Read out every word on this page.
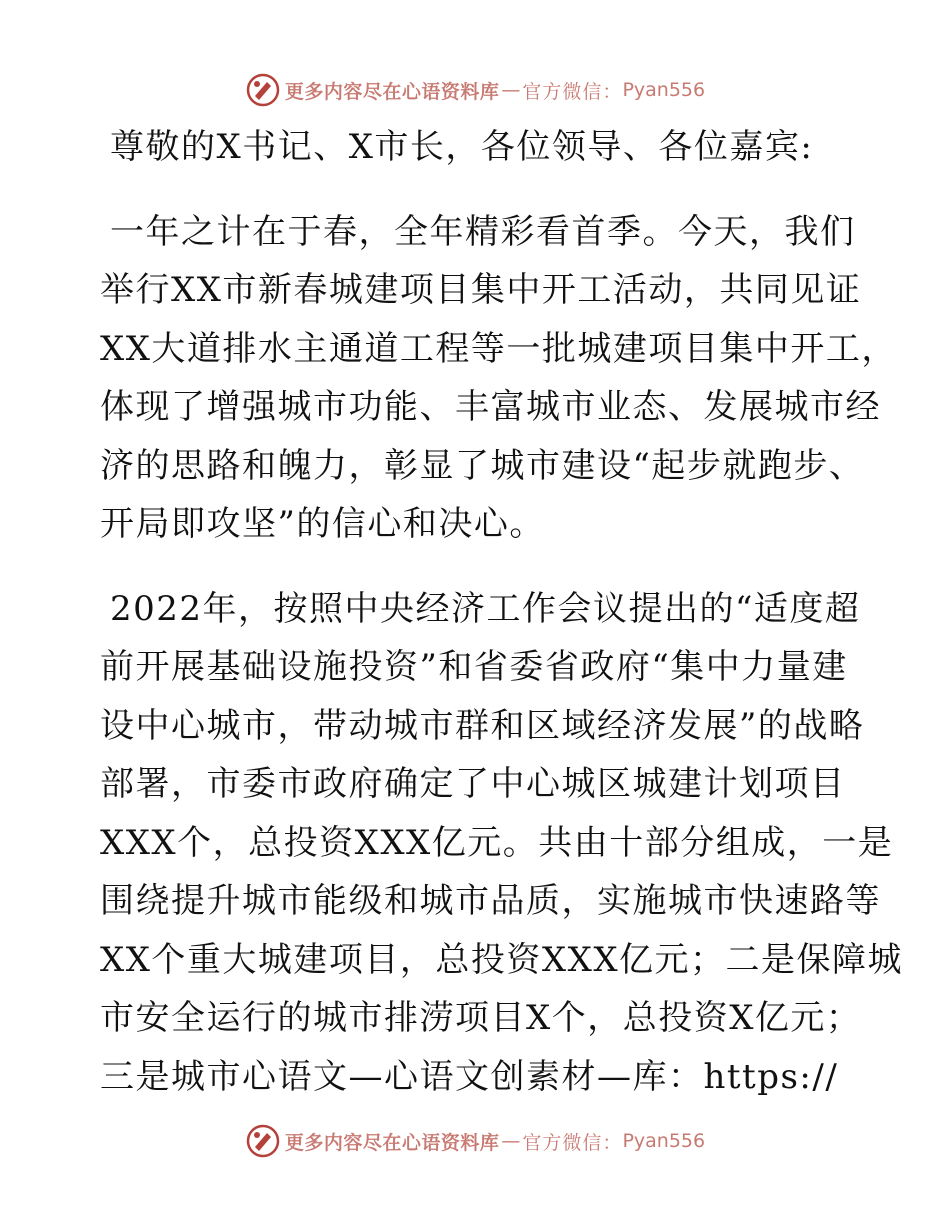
更多内容尽在心语资料库 — 官方微信： Pyan556

尊敬的X书记、X市长，各位领导、各位嘉宾:

一年之计在于春，全年精彩看首季。今天，我们
举行XX市新春城建项目集中开工活动，共同见证
XX大道排水主通道工程等一批城建项目集中开工，
体现了增强城市功能、丰富城市业态、发展城市经
济的思路和魄力，彰显了城市建设“起步就跑步、
开局即攻坚”的信心和决心。

2022年，按照中央经济工作会议提出的“适度超
前开展基础设施投资”和省委省政府“集中力量建
设中心城市，带动城市群和区域经济发展”的战略
部署，市委市政府确定了中心城区城建计划项目
XXX个，总投资XXX亿元。共由十部分组成，一是
围绕提升城市能级和城市品质，实施城市快速路等
XX个重大城建项目，总投资XXX亿元；二是保障城
市安全运行的城市排涝项目X个，总投资X亿元；
三是城市心语文—心语文创素材—库：https://

更多内容尽在心语资料库 — 官方微信： Pyan556
